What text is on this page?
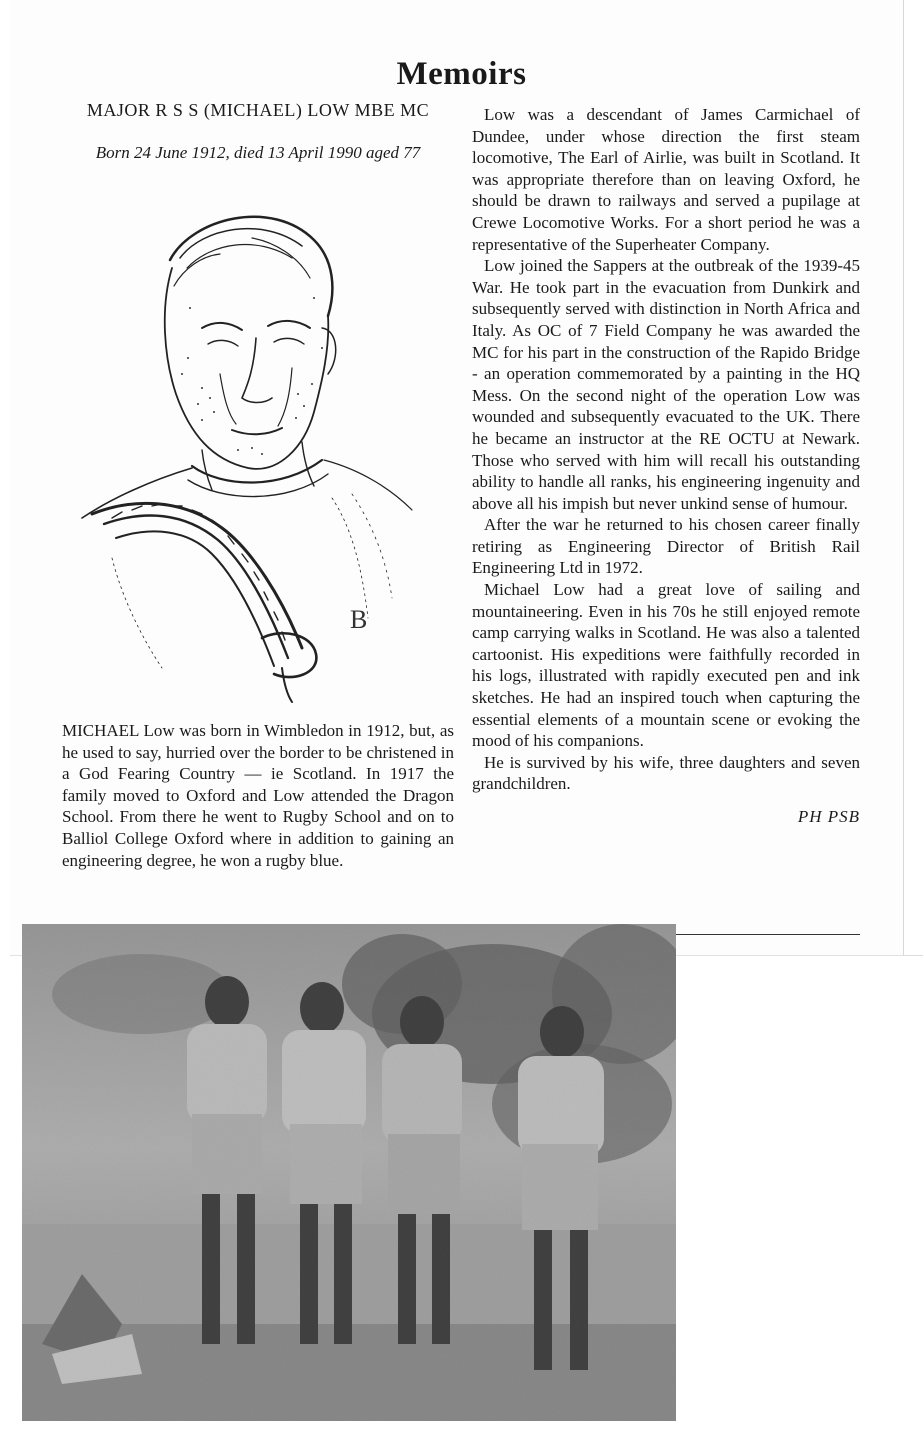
Memoirs

MAJOR R S S (MICHAEL) LOW MBE MC

Born 24 June 1912, died 13 April 1990 aged 77

B

MICHAEL Low was born in Wimbledon in 1912, but, as he used to say, hurried over the border to be christened in a God Fearing Country — ie Scotland. In 1917 the family moved to Oxford and Low attended the Dragon School. From there he went to Rugby School and on to Balliol College Oxford where in addition to gaining an engineering degree, he won a rugby blue.

Low was a descendant of James Carmichael of Dundee, under whose direction the first steam locomotive, The Earl of Airlie, was built in Scotland. It was appropriate therefore than on leaving Oxford, he should be drawn to railways and served a pupilage at Crewe Locomotive Works. For a short period he was a representative of the Superheater Company.

Low joined the Sappers at the outbreak of the 1939-45 War. He took part in the evacuation from Dunkirk and subsequently served with distinction in North Africa and Italy. As OC of 7 Field Company he was awarded the MC for his part in the construction of the Rapido Bridge - an operation commemorated by a painting in the HQ Mess. On the second night of the operation Low was wounded and subsequently evacuated to the UK. There he became an instructor at the RE OCTU at Newark. Those who served with him will recall his outstanding ability to handle all ranks, his engineering ingenuity and above all his impish but never unkind sense of humour.

After the war he returned to his chosen career finally retiring as Engineering Director of British Rail Engineering Ltd in 1972.

Michael Low had a great love of sailing and mountaineering. Even in his 70s he still enjoyed remote camp carrying walks in Scotland. He was also a talented cartoonist. His expeditions were faithfully recorded in his logs, illustrated with rapidly executed pen and ink sketches. He had an inspired touch when capturing the essential elements of a mountain scene or evoking the mood of his companions.

He is survived by his wife, three daughters and seven grandchildren.

PH PSB
